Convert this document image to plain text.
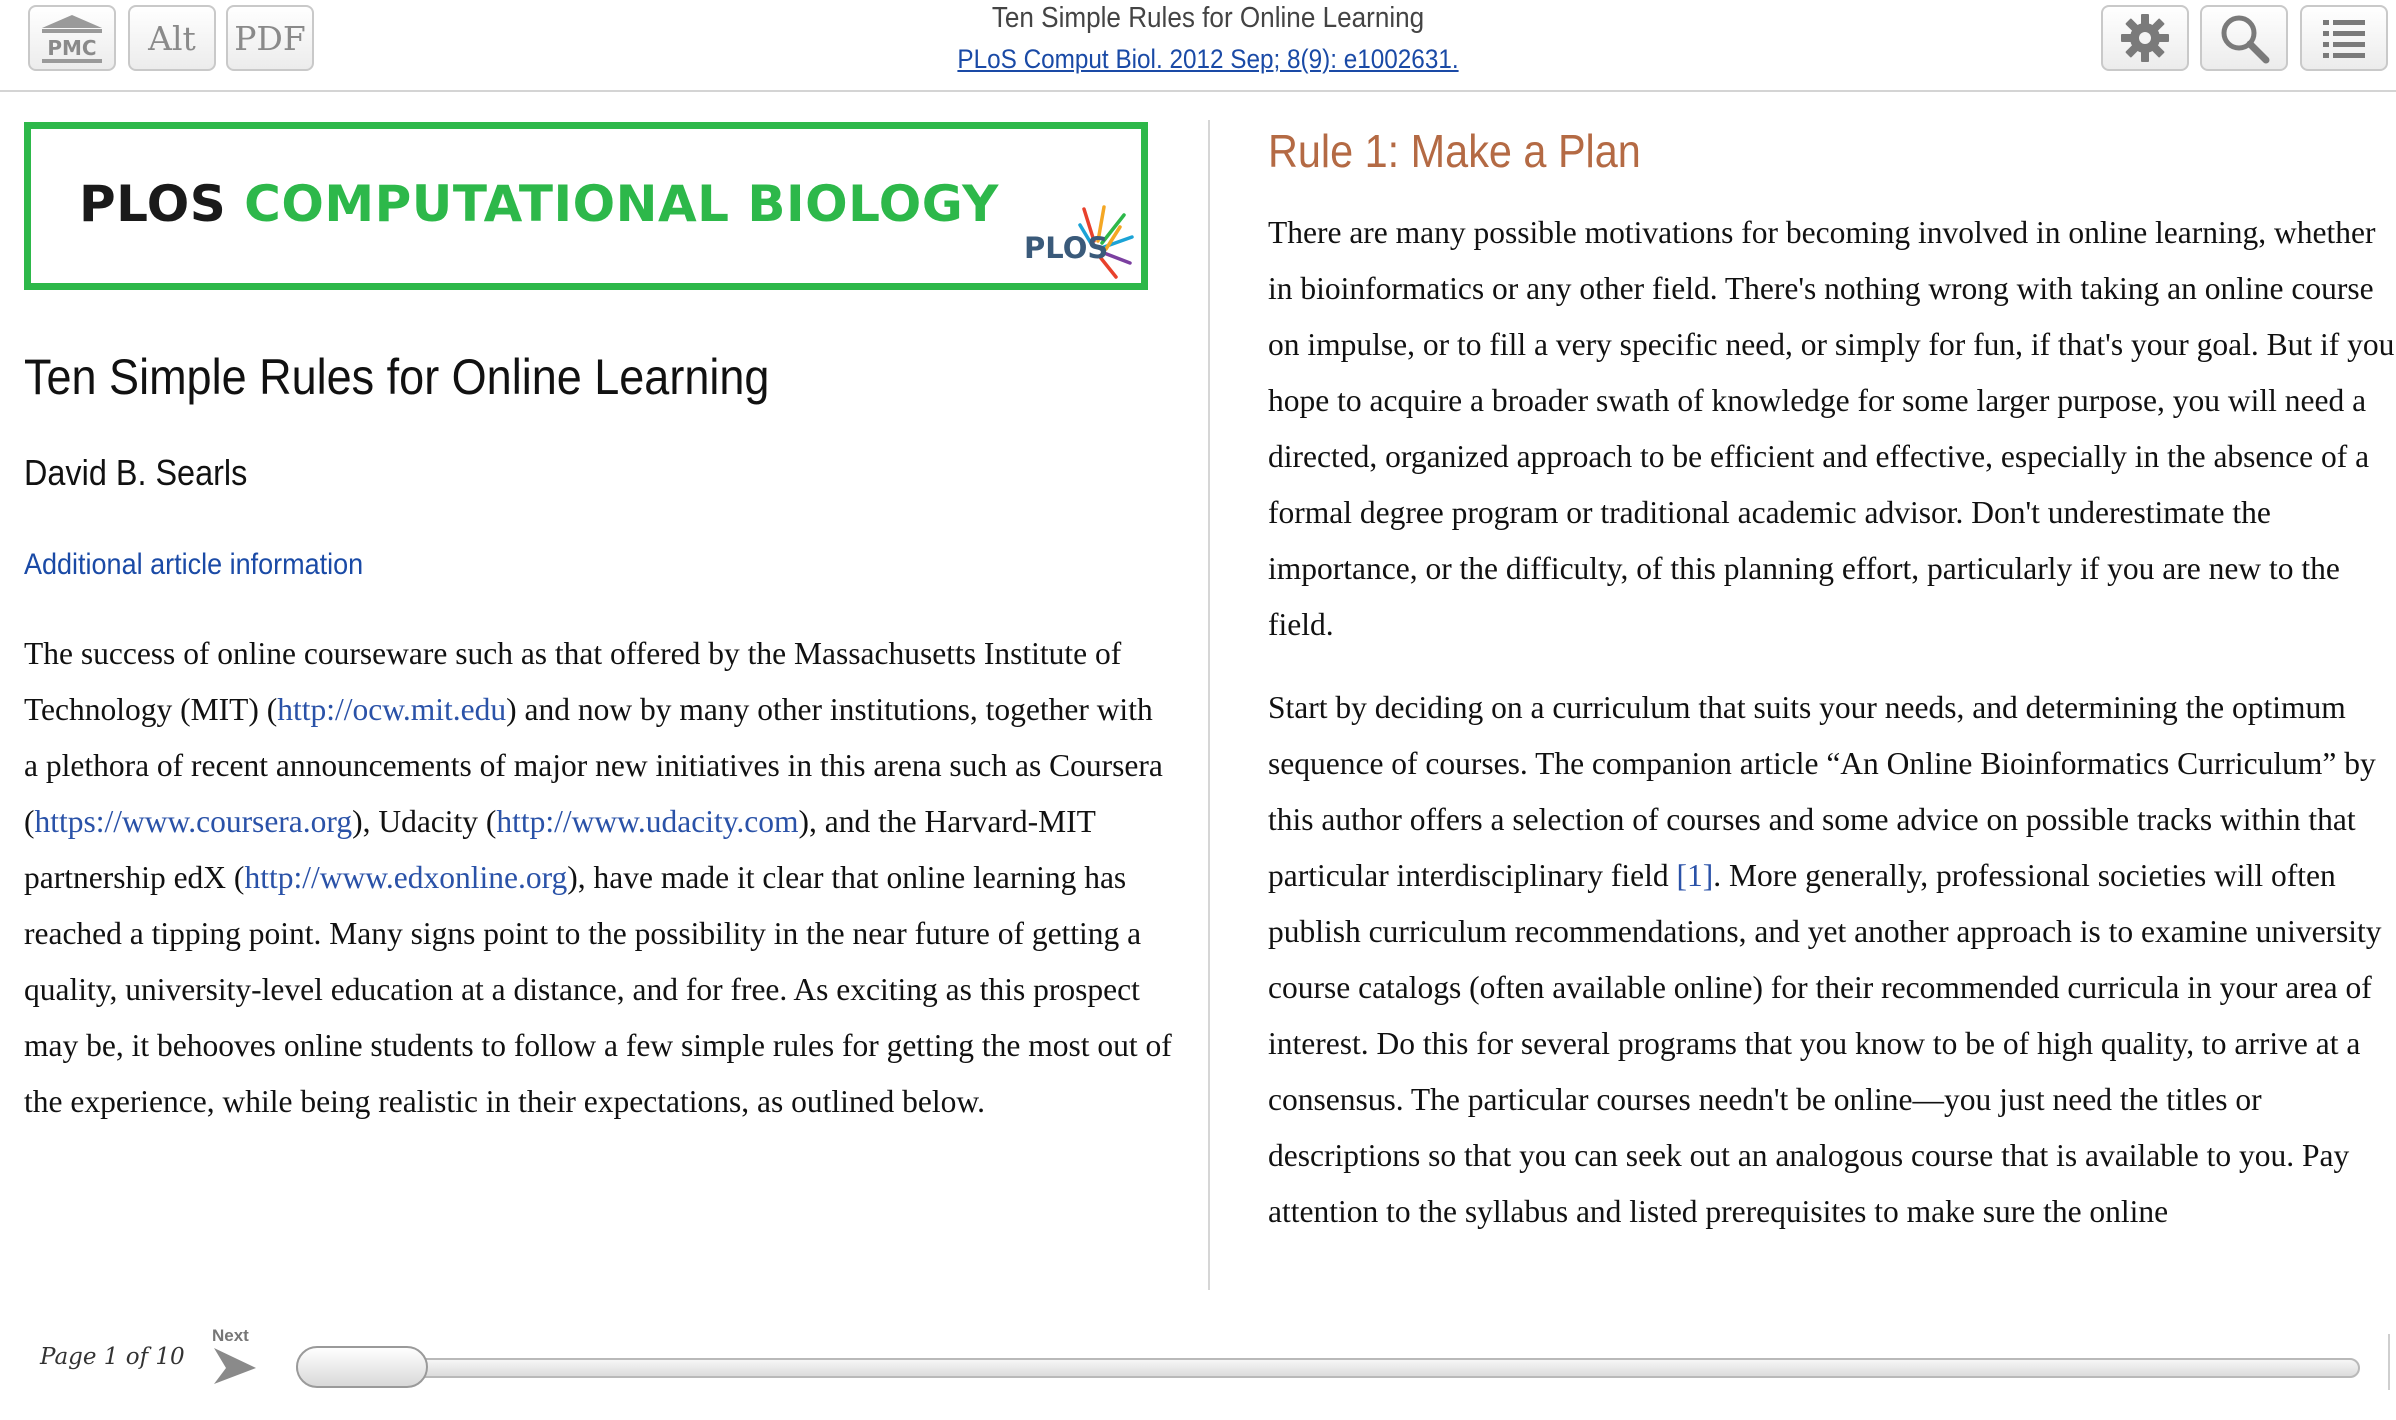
PMC	Alt	PDF
Ten Simple Rules for Online Learning
PLoS Comput Biol. 2012 Sep; 8(9): e1002631.
PLOS COMPUTATIONAL BIOLOGY
PLOS
Ten Simple Rules for Online Learning
David B. Searls
Additional article information

The success of online courseware such as that offered by the Massachusetts Institute of Technology (MIT) (http://ocw.mit.edu) and now by many other institutions, together with a plethora of recent announcements of major new initiatives in this arena such as Coursera (https://www.coursera.org), Udacity (http://www.udacity.com), and the Harvard-MIT partnership edX (http://www.edxonline.org), have made it clear that online learning has reached a tipping point. Many signs point to the possibility in the near future of getting a quality, university-level education at a distance, and for free. As exciting as this prospect may be, it behooves online students to follow a few simple rules for getting the most out of the experience, while being realistic in their expectations, as outlined below.

Rule 1: Make a Plan

There are many possible motivations for becoming involved in online learning, whether in bioinformatics or any other field. There's nothing wrong with taking an online course on impulse, or to fill a very specific need, or simply for fun, if that's your goal. But if you hope to acquire a broader swath of knowledge for some larger purpose, you will need a directed, organized approach to be efficient and effective, especially in the absence of a formal degree program or traditional academic advisor. Don't underestimate the importance, or the difficulty, of this planning effort, particularly if you are new to the field.

Start by deciding on a curriculum that suits your needs, and determining the optimum sequence of courses. The companion article “An Online Bioinformatics Curriculum” by this author offers a selection of courses and some advice on possible tracks within that particular interdisciplinary field [1]. More generally, professional societies will often publish curriculum recommendations, and yet another approach is to examine university course catalogs (often available online) for their recommended curricula in your area of interest. Do this for several programs that you know to be of high quality, to arrive at a consensus. The particular courses needn't be online—you just need the titles or descriptions so that you can seek out an analogous course that is available to you. Pay attention to the syllabus and listed prerequisites to make sure the online

Page 1 of 10
Next
